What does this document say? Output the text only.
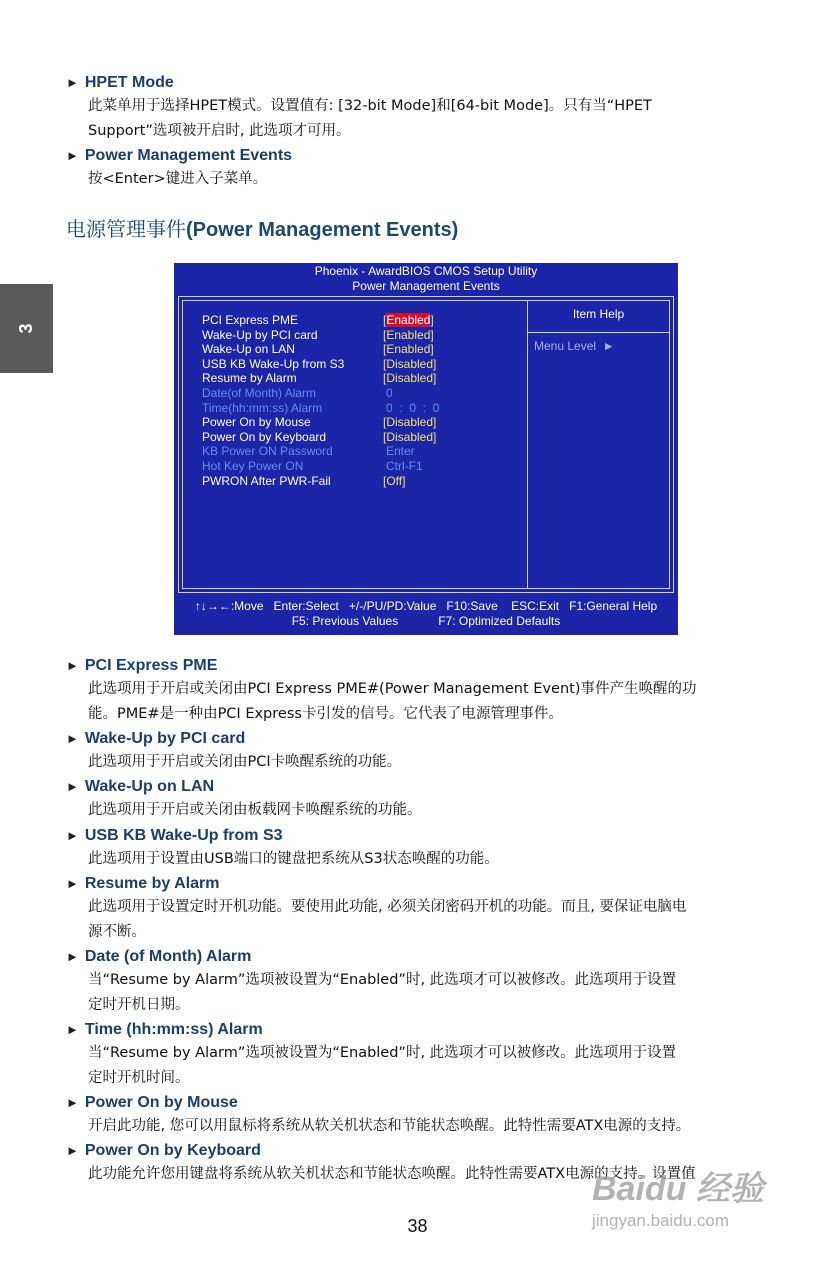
3
► HPET Mode
此菜单用于选择HPET模式。设置值有: [32-bit Mode]和[64-bit Mode]。只有当“HPET
Support”选项被开启时, 此选项才可用。
► Power Management Events
按<Enter>键进入子菜单。
电源管理事件(Power Management Events)
Phoenix - AwardBIOS CMOS Setup Utility
Power Management Events
Item Help
Menu Level ►
PCI Express PME	[Enabled]
Wake-Up by PCI card	[Enabled]
Wake-Up on LAN	[Enabled]
USB KB Wake-Up from S3	[Disabled]
Resume by Alarm	[Disabled]
Date(of Month) Alarm	0
Time(hh:mm:ss) Alarm	0  :  0  :  0
Power On by Mouse	[Disabled]
Power On by Keyboard	[Disabled]
KB Power ON Password	Enter
Hot Key Power ON	Ctrl-F1
PWRON After PWR-Fail	[Off]
↑↓→←:Move   Enter:Select   +/-/PU/PD:Value   F10:Save    ESC:Exit   F1:General Help
F5: Previous Values            F7: Optimized Defaults
► PCI Express PME
此选项用于开启或关闭由PCI Express PME#(Power Management Event)事件产生唤醒的功
能。PME#是一种由PCI Express卡引发的信号。它代表了电源管理事件。
► Wake-Up by PCI card
此选项用于开启或关闭由PCI卡唤醒系统的功能。
► Wake-Up on LAN
此选项用于开启或关闭由板载网卡唤醒系统的功能。
► USB KB Wake-Up from S3
此选项用于设置由USB端口的键盘把系统从S3状态唤醒的功能。
► Resume by Alarm
此选项用于设置定时开机功能。要使用此功能, 必须关闭密码开机的功能。而且, 要保证电脑电
源不断。
► Date (of Month) Alarm
当“Resume by Alarm”选项被设置为“Enabled”时, 此选项才可以被修改。此选项用于设置
定时开机日期。
► Time (hh:mm:ss) Alarm
当“Resume by Alarm”选项被设置为“Enabled”时, 此选项才可以被修改。此选项用于设置
定时开机时间。
► Power On by Mouse
开启此功能, 您可以用鼠标将系统从软关机状态和节能状态唤醒。此特性需要ATX电源的支持。
► Power On by Keyboard
此功能允许您用键盘将系统从软关机状态和节能状态唤醒。此特性需要ATX电源的支持。设置值
38
Baidu 经验
jingyan.baidu.com
